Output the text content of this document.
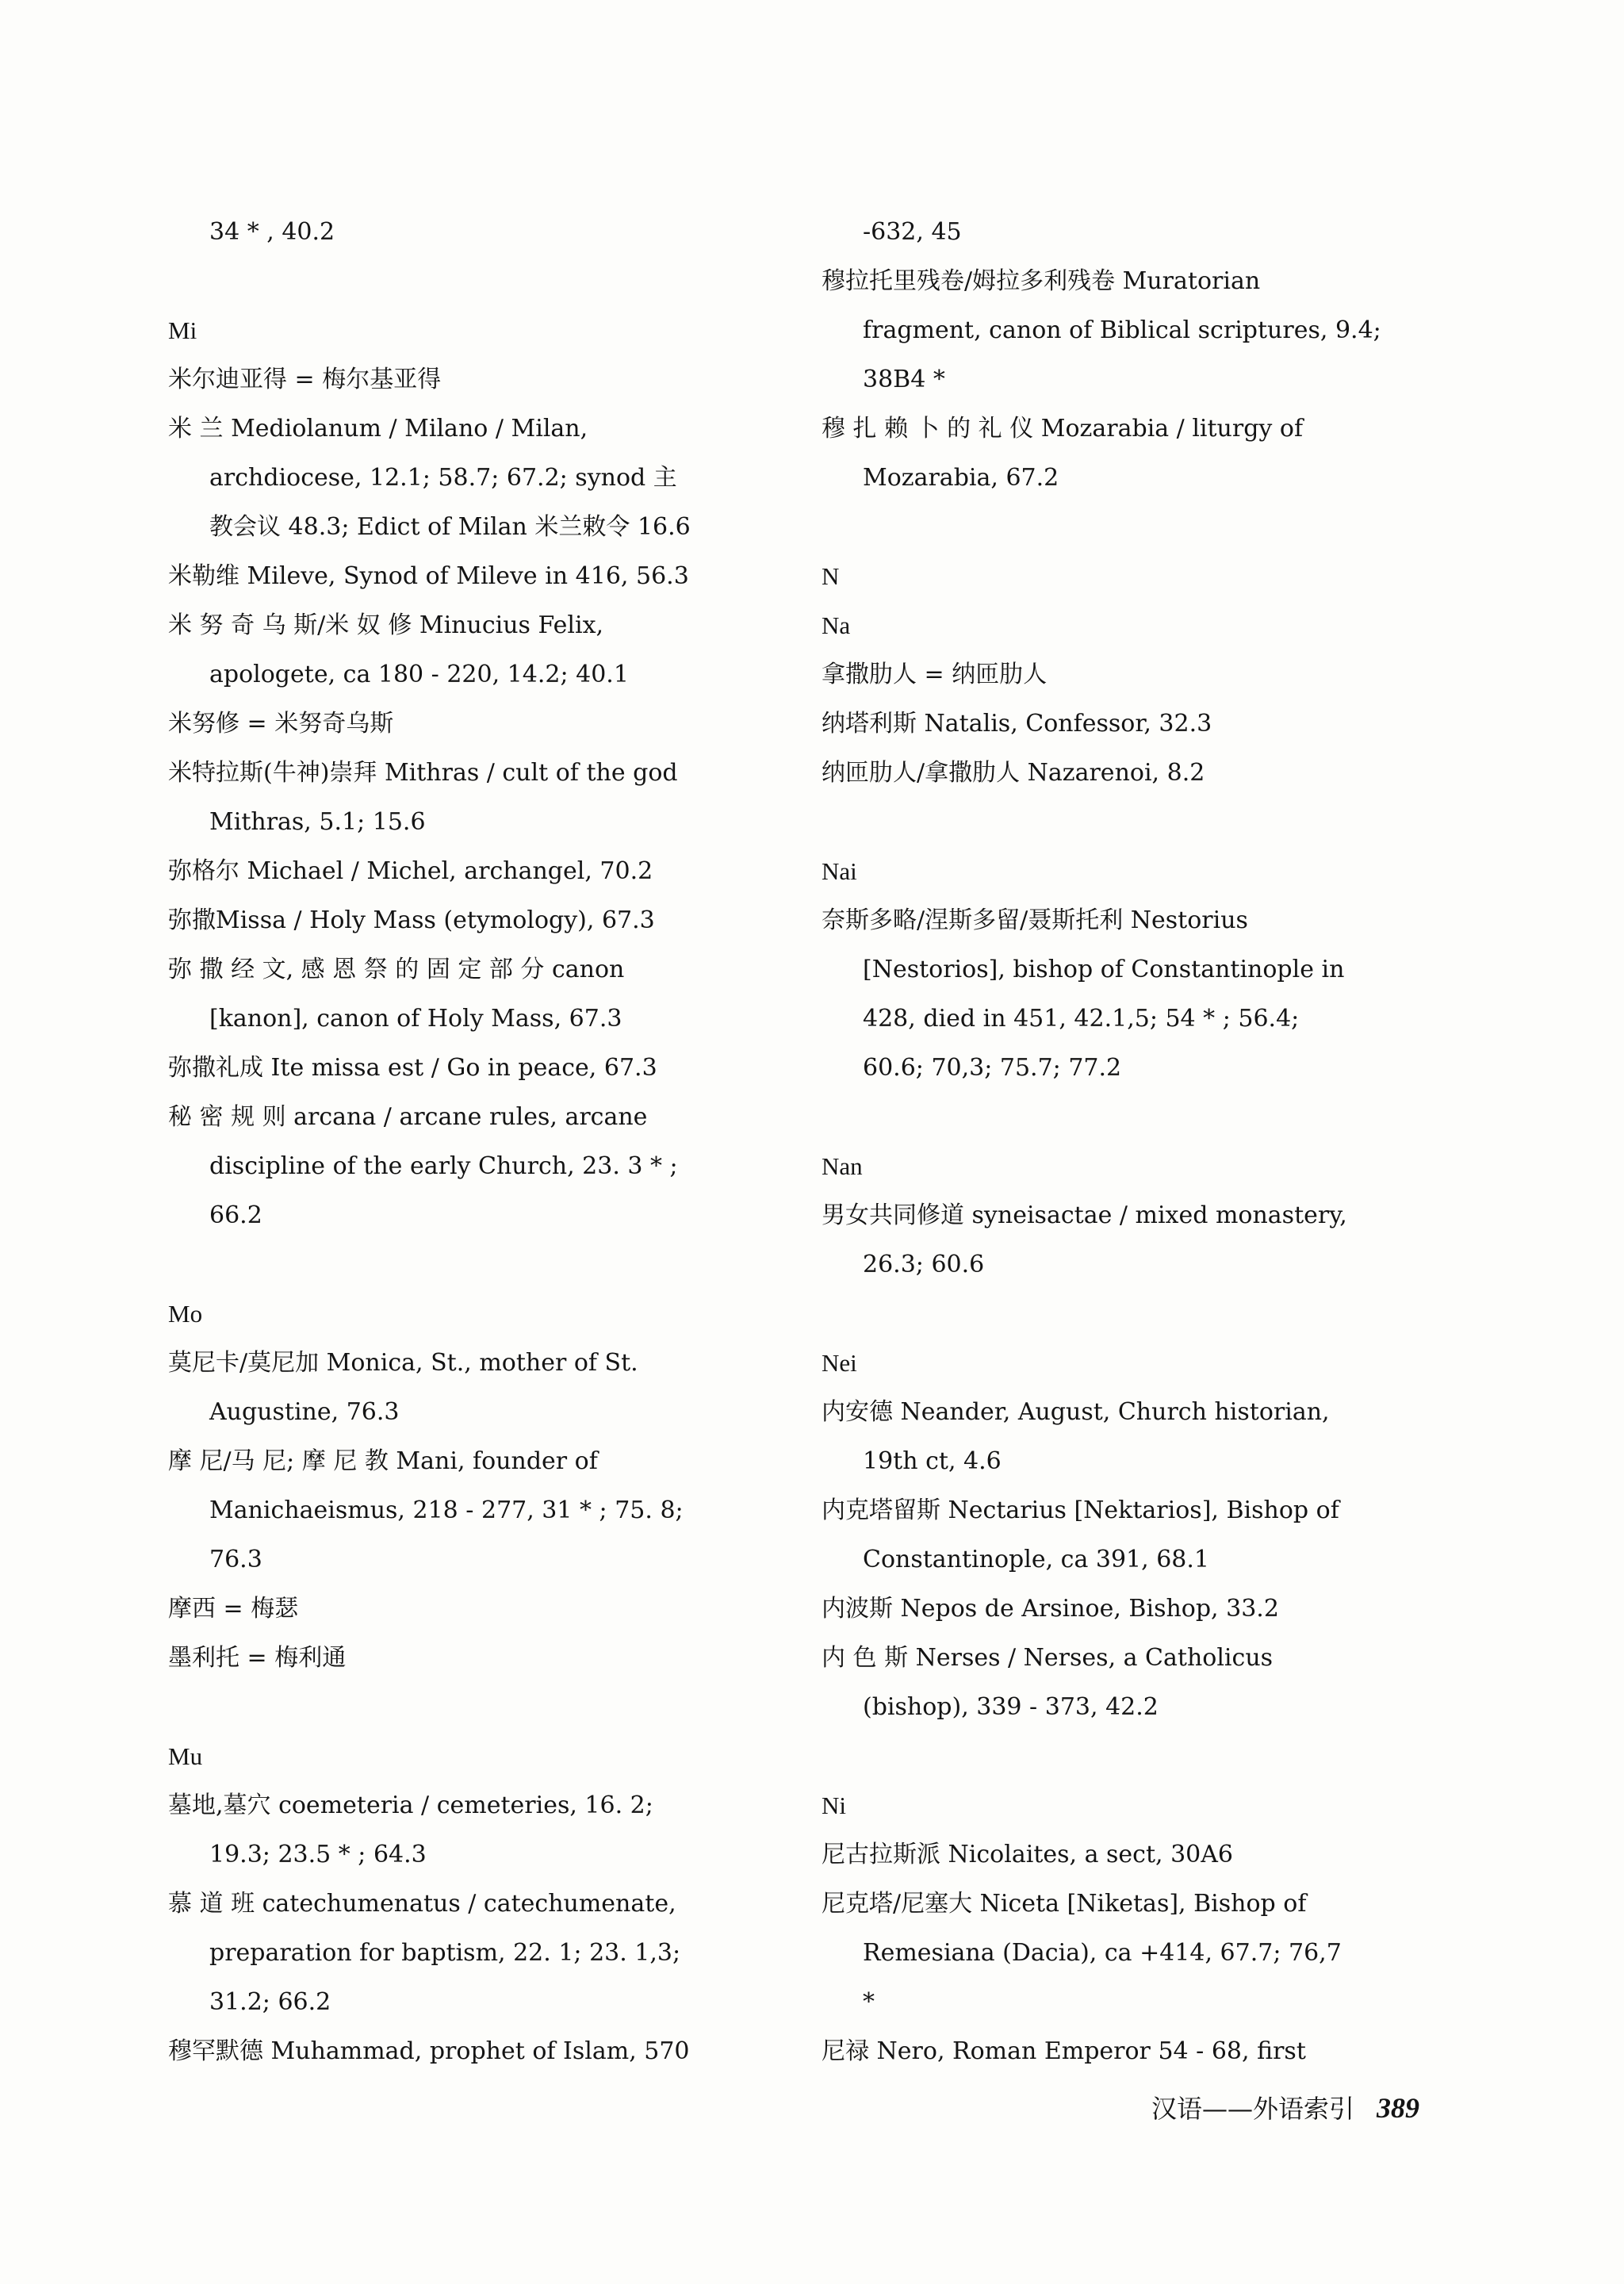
34 * , 40.2
Mi
米尔迪亚得 = 梅尔基亚得
米 兰 Mediolanum / Milano / Milan,
archdiocese, 12.1; 58.7; 67.2; synod 主
教会议 48.3; Edict of Milan 米兰敕令 16.6
米勒维 Mileve, Synod of Mileve in 416, 56.3
米 努 奇 乌 斯/米 奴 修 Minucius Felix,
apologete, ca 180 - 220, 14.2; 40.1
米努修 = 米努奇乌斯
米特拉斯(牛神)崇拜 Mithras / cult of the god
Mithras, 5.1; 15.6
弥格尔 Michael / Michel, archangel, 70.2
弥撒Missa / Holy Mass (etymology), 67.3
弥 撒 经 文, 感 恩 祭 的 固 定 部 分 canon
[kanon], canon of Holy Mass, 67.3
弥撒礼成 Ite missa est / Go in peace, 67.3
秘 密 规 则 arcana / arcane rules, arcane
discipline of the early Church, 23. 3 * ;
66.2
Mo
莫尼卡/莫尼加 Monica, St., mother of St.
Augustine, 76.3
摩 尼/马 尼; 摩 尼 教 Mani, founder of
Manichaeismus, 218 - 277, 31 * ; 75. 8;
76.3
摩西 = 梅瑟
墨利托 = 梅利通
Mu
墓地,墓穴 coemeteria / cemeteries, 16. 2;
19.3; 23.5 * ; 64.3
慕 道 班 catechumenatus / catechumenate,
preparation for baptism, 22. 1; 23. 1,3;
31.2; 66.2
穆罕默德 Muhammad, prophet of Islam, 570
-632, 45
穆拉托里残卷/姆拉多利残卷 Muratorian
fragment, canon of Biblical scriptures, 9.4;
38B4 *
穆 扎 赖 卜 的 礼 仪 Mozarabia / liturgy of
Mozarabia, 67.2
N
Na
拿撒肋人 = 纳匝肋人
纳塔利斯 Natalis, Confessor, 32.3
纳匝肋人/拿撒肋人 Nazarenoi, 8.2
Nai
奈斯多略/涅斯多留/聂斯托利 Nestorius
[Nestorios], bishop of Constantinople in
428, died in 451, 42.1,5; 54 * ; 56.4;
60.6; 70,3; 75.7; 77.2
Nan
男女共同修道 syneisactae / mixed monastery,
26.3; 60.6
Nei
内安德 Neander, August, Church historian,
19th ct, 4.6
内克塔留斯 Nectarius [Nektarios], Bishop of
Constantinople, ca 391, 68.1
内波斯 Nepos de Arsinoe, Bishop, 33.2
内 色 斯 Nerses / Nerses, a Catholicus
(bishop), 339 - 373, 42.2
Ni
尼古拉斯派 Nicolaites, a sect, 30A6
尼克塔/尼塞大 Niceta [Niketas], Bishop of
Remesiana (Dacia), ca +414, 67.7; 76,7
*
尼禄 Nero, Roman Emperor 54 - 68, first
汉语——外语索引 389
